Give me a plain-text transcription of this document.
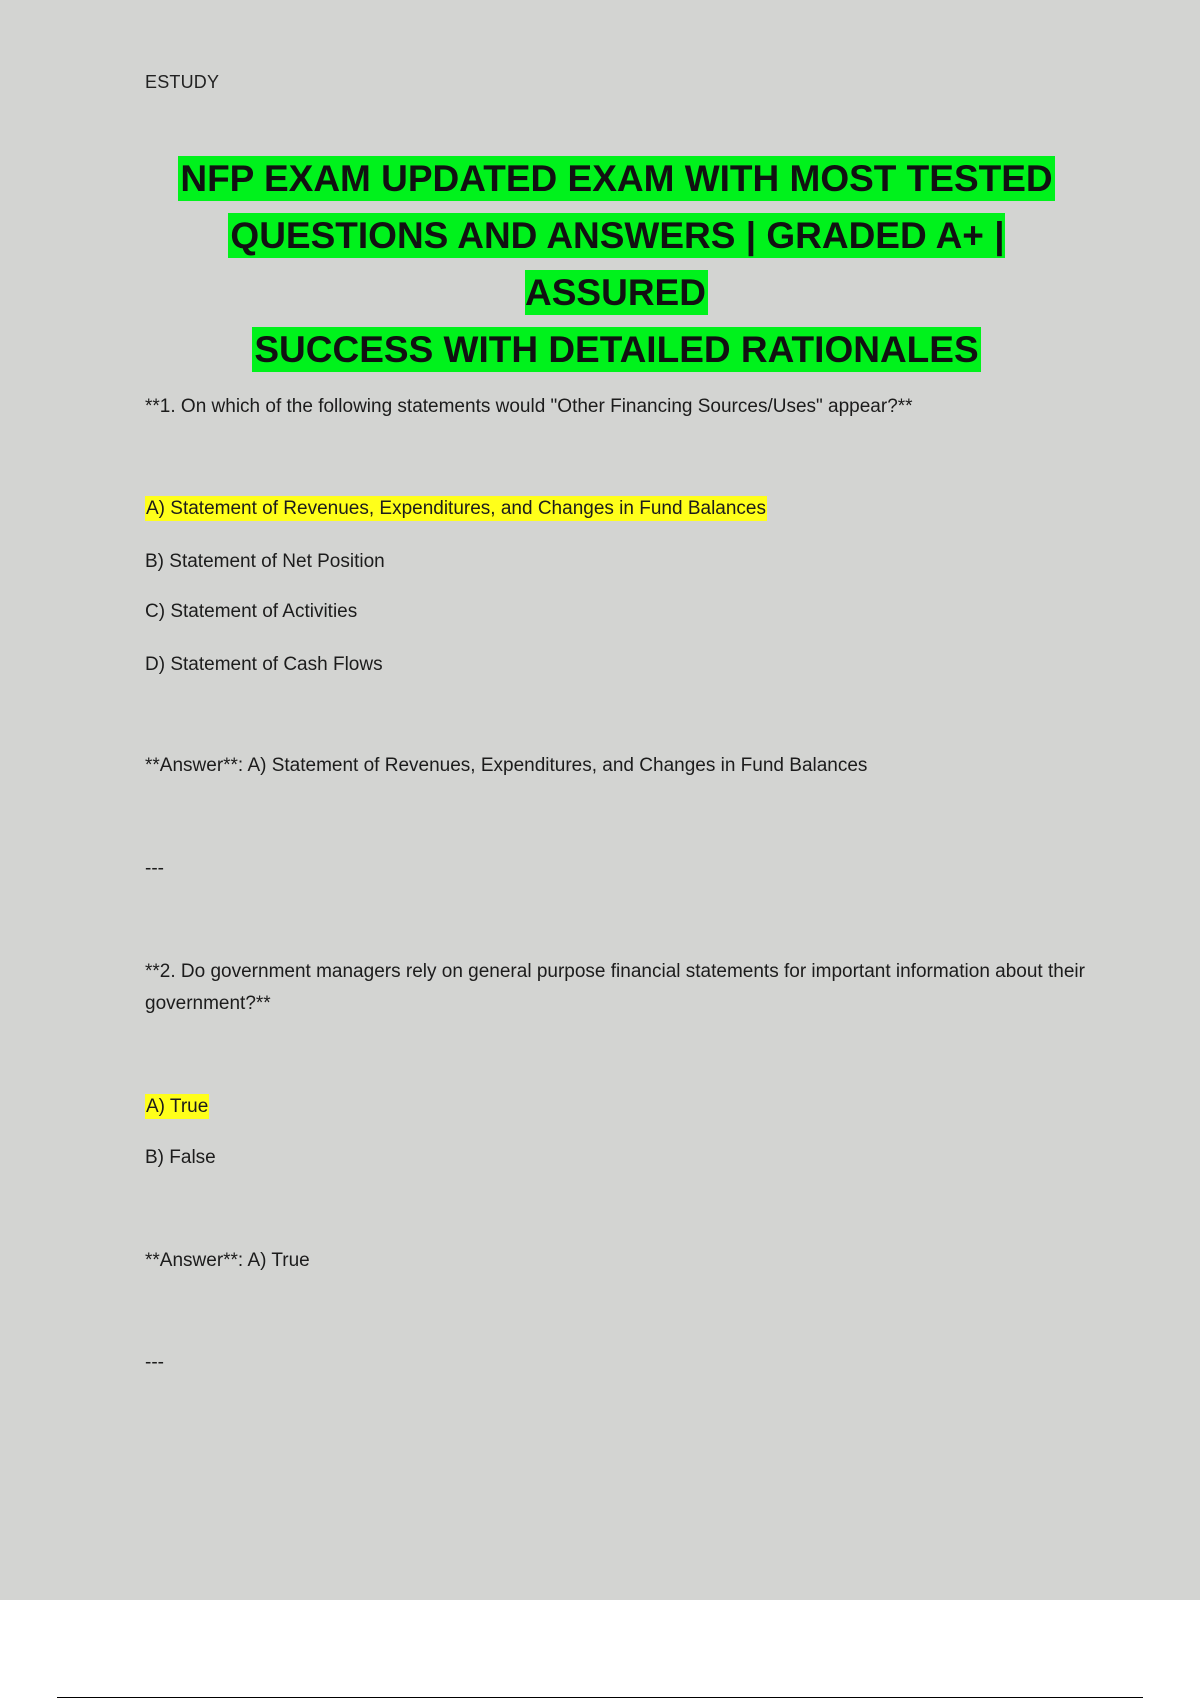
ESTUDY
NFP EXAM UPDATED EXAM WITH MOST TESTED
QUESTIONS AND ANSWERS | GRADED A+ | ASSURED
SUCCESS WITH DETAILED RATIONALES
**1. On which of the following statements would "Other Financing Sources/Uses" appear?**
A) Statement of Revenues, Expenditures, and Changes in Fund Balances
B) Statement of Net Position
C) Statement of Activities
D) Statement of Cash Flows
**Answer**: A) Statement of Revenues, Expenditures, and Changes in Fund Balances
---
**2. Do government managers rely on general purpose financial statements for important information about their government?**
A) True
B) False
**Answer**: A) True
---
